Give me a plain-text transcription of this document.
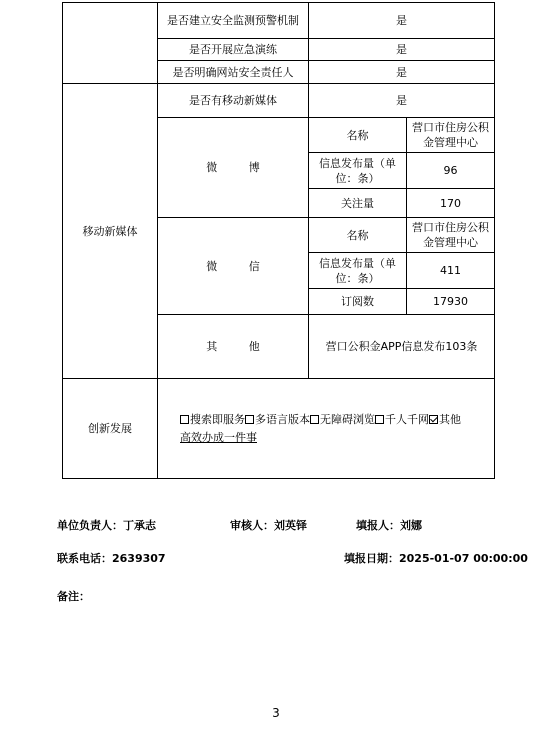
	是否建立安全监测预警机制	是	
	是否开展应急演练	是	
	是否明确网站安全责任人	是	
移动新媒体	是否有移动新媒体	是	
	微 博	名称	营口市住房公积金管理中心
		信息发布量（单位：条）	96
		关注量	170
	微 信	名称	营口市住房公积金管理中心
		信息发布量（单位：条）	411
		订阅数	17930
	其 他	营口公积金APP信息发布103条	
创新发展	搜索即服务 多语言版本 无障碍浏览 千人千网 其他
高效办成一件事		
单位负责人：丁承志	审核人：刘英铎	填报人：刘娜
联系电话：2639307	填报日期：2025-01-07 00:00:00
备注：
3
